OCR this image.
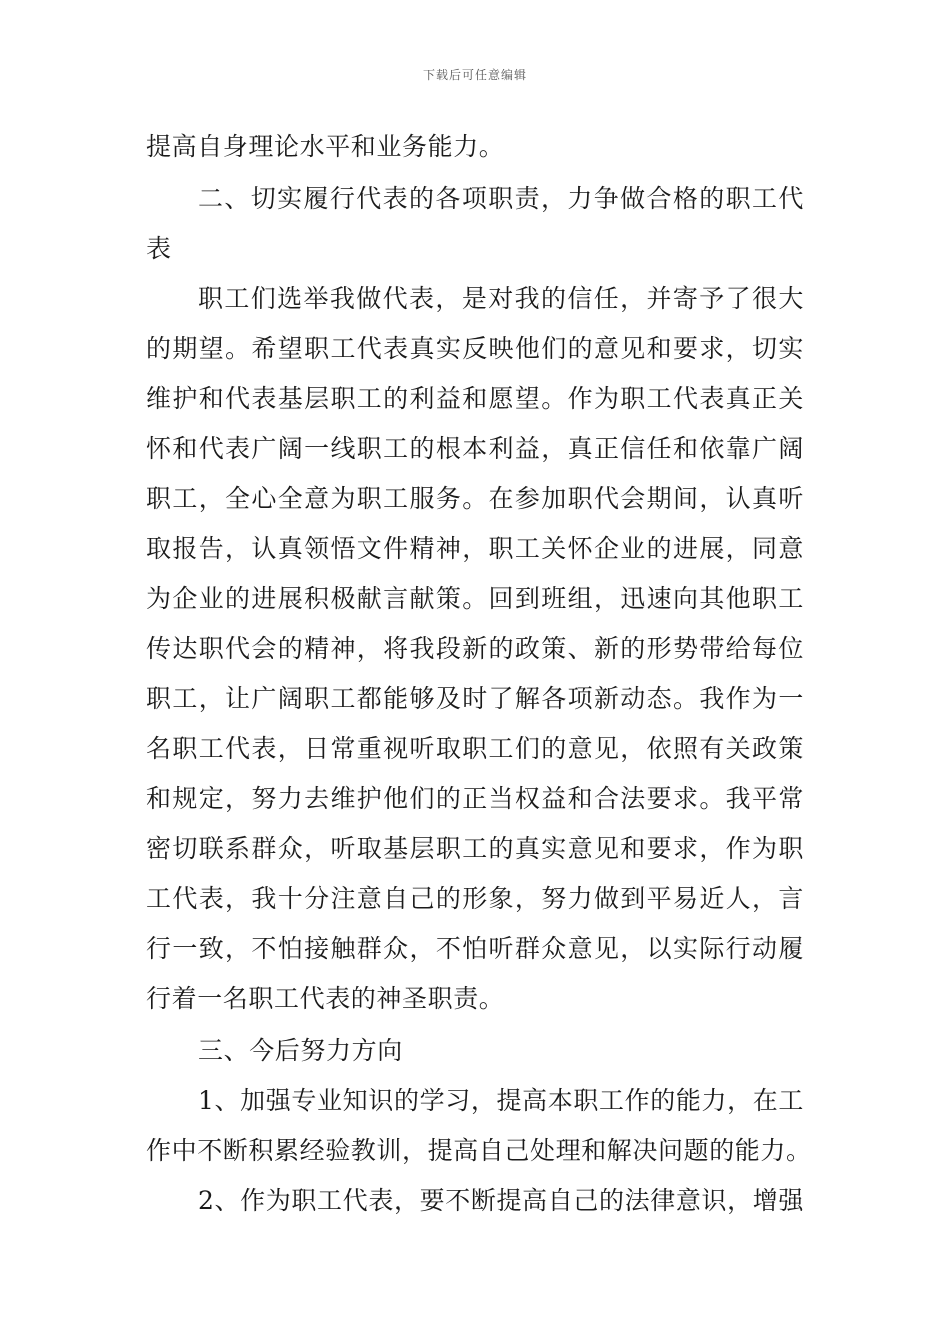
下载后可任意编辑
提高自身理论水平和业务能力。
二、切实履行代表的各项职责，力争做合格的职工代
表
职工们选举我做代表，是对我的信任，并寄予了很大
的期望。希望职工代表真实反映他们的意见和要求，切实
维护和代表基层职工的利益和愿望。作为职工代表真正关
怀和代表广阔一线职工的根本利益，真正信任和依靠广阔
职工，全心全意为职工服务。在参加职代会期间，认真听
取报告，认真领悟文件精神，职工关怀企业的进展，同意
为企业的进展积极献言献策。回到班组，迅速向其他职工
传达职代会的精神，将我段新的政策、新的形势带给每位
职工，让广阔职工都能够及时了解各项新动态。我作为一
名职工代表，日常重视听取职工们的意见，依照有关政策
和规定，努力去维护他们的正当权益和合法要求。我平常
密切联系群众，听取基层职工的真实意见和要求，作为职
工代表，我十分注意自己的形象，努力做到平易近人，言
行一致，不怕接触群众，不怕听群众意见，以实际行动履
行着一名职工代表的神圣职责。
三、今后努力方向
1、加强专业知识的学习，提高本职工作的能力，在工
作中不断积累经验教训，提高自己处理和解决问题的能力。
2、作为职工代表，要不断提高自己的法律意识，增强
